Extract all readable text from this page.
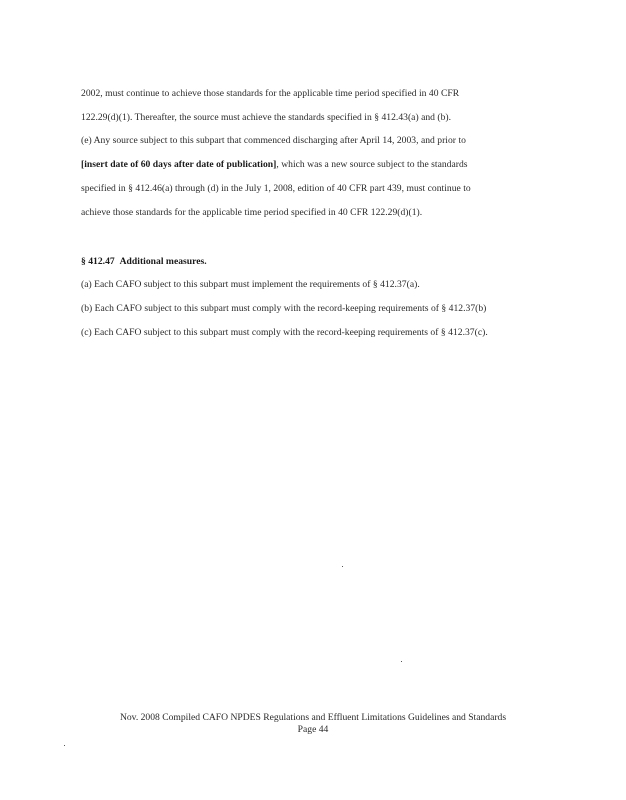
2002, must continue to achieve those standards for the applicable time period specified in 40 CFR
122.29(d)(1). Thereafter, the source must achieve the standards specified in § 412.43(a) and (b).
(e) Any source subject to this subpart that commenced discharging after April 14, 2003, and prior to
[insert date of 60 days after date of publication], which was a new source subject to the standards
specified in § 412.46(a) through (d) in the July 1, 2008, edition of 40 CFR part 439, must continue to
achieve those standards for the applicable time period specified in 40 CFR 122.29(d)(1).
§ 412.47 Additional measures.
(a) Each CAFO subject to this subpart must implement the requirements of § 412.37(a).
(b) Each CAFO subject to this subpart must comply with the record-keeping requirements of § 412.37(b)
(c) Each CAFO subject to this subpart must comply with the record-keeping requirements of § 412.37(c).
Nov. 2008 Compiled CAFO NPDES Regulations and Effluent Limitations Guidelines and Standards
Page 44
